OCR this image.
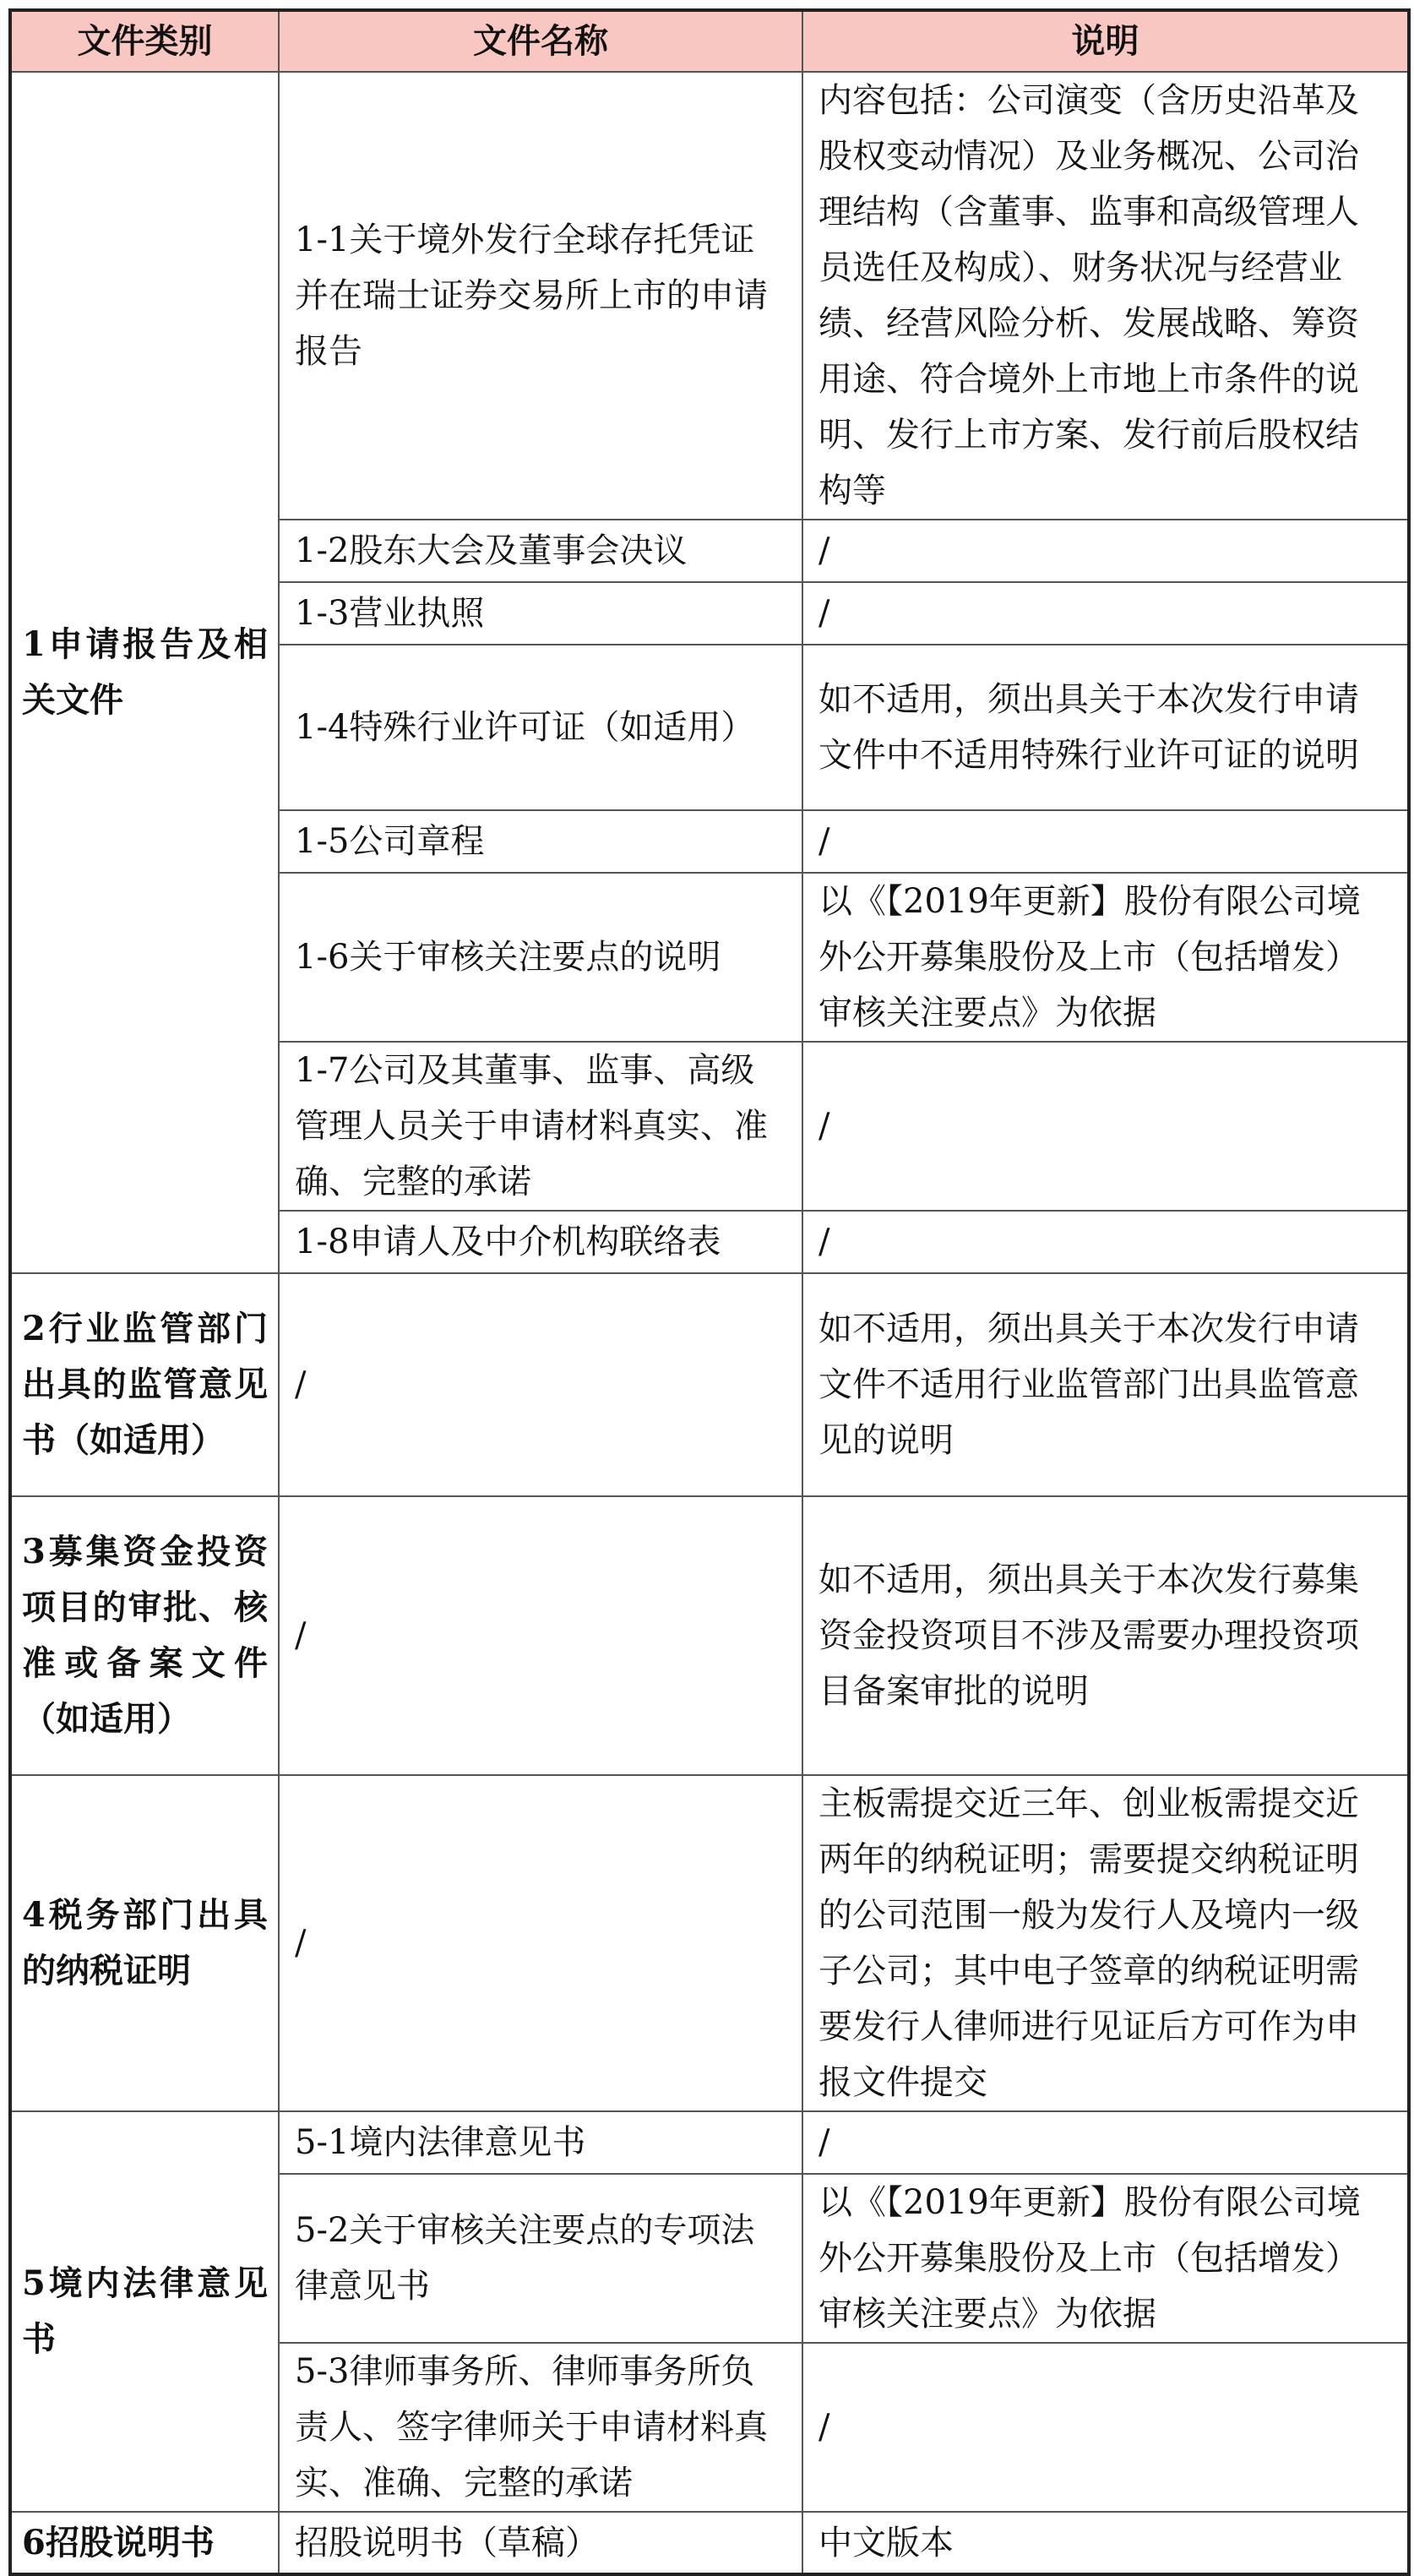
文件类别	文件名称	说明
1申请报告及相关文件	1-1关于境外发行全球存托凭证并在瑞士证券交易所上市的申请报告	内容包括：公司演变（含历史沿革及股权变动情况）及业务概况、公司治理结构（含董事、监事和高级管理人员选任及构成）、财务状况与经营业绩、经营风险分析、发展战略、筹资用途、符合境外上市地上市条件的说明、发行上市方案、发行前后股权结构等
	1-2股东大会及董事会决议	/
	1-3营业执照	/
	1-4特殊行业许可证（如适用）	如不适用，须出具关于本次发行申请文件中不适用特殊行业许可证的说明
	1-5公司章程	/
	1-6关于审核关注要点的说明	以《【2019年更新】股份有限公司境外公开募集股份及上市（包括增发）审核关注要点》为依据
	1-7公司及其董事、监事、高级管理人员关于申请材料真实、准确、完整的承诺	/
	1-8申请人及中介机构联络表	/
2行业监管部门出具的监管意见书（如适用）	/	如不适用，须出具关于本次发行申请文件不适用行业监管部门出具监管意见的说明
3募集资金投资项目的审批、核准或备案文件（如适用）	/	如不适用，须出具关于本次发行募集资金投资项目不涉及需要办理投资项目备案审批的说明
4税务部门出具的纳税证明	/	主板需提交近三年、创业板需提交近两年的纳税证明；需要提交纳税证明的公司范围一般为发行人及境内一级子公司；其中电子签章的纳税证明需要发行人律师进行见证后方可作为申报文件提交
5境内法律意见书	5-1境内法律意见书	/
	5-2关于审核关注要点的专项法律意见书	以《【2019年更新】股份有限公司境外公开募集股份及上市（包括增发）审核关注要点》为依据
	5-3律师事务所、律师事务所负责人、签字律师关于申请材料真实、准确、完整的承诺	/
6招股说明书	招股说明书（草稿）	中文版本
